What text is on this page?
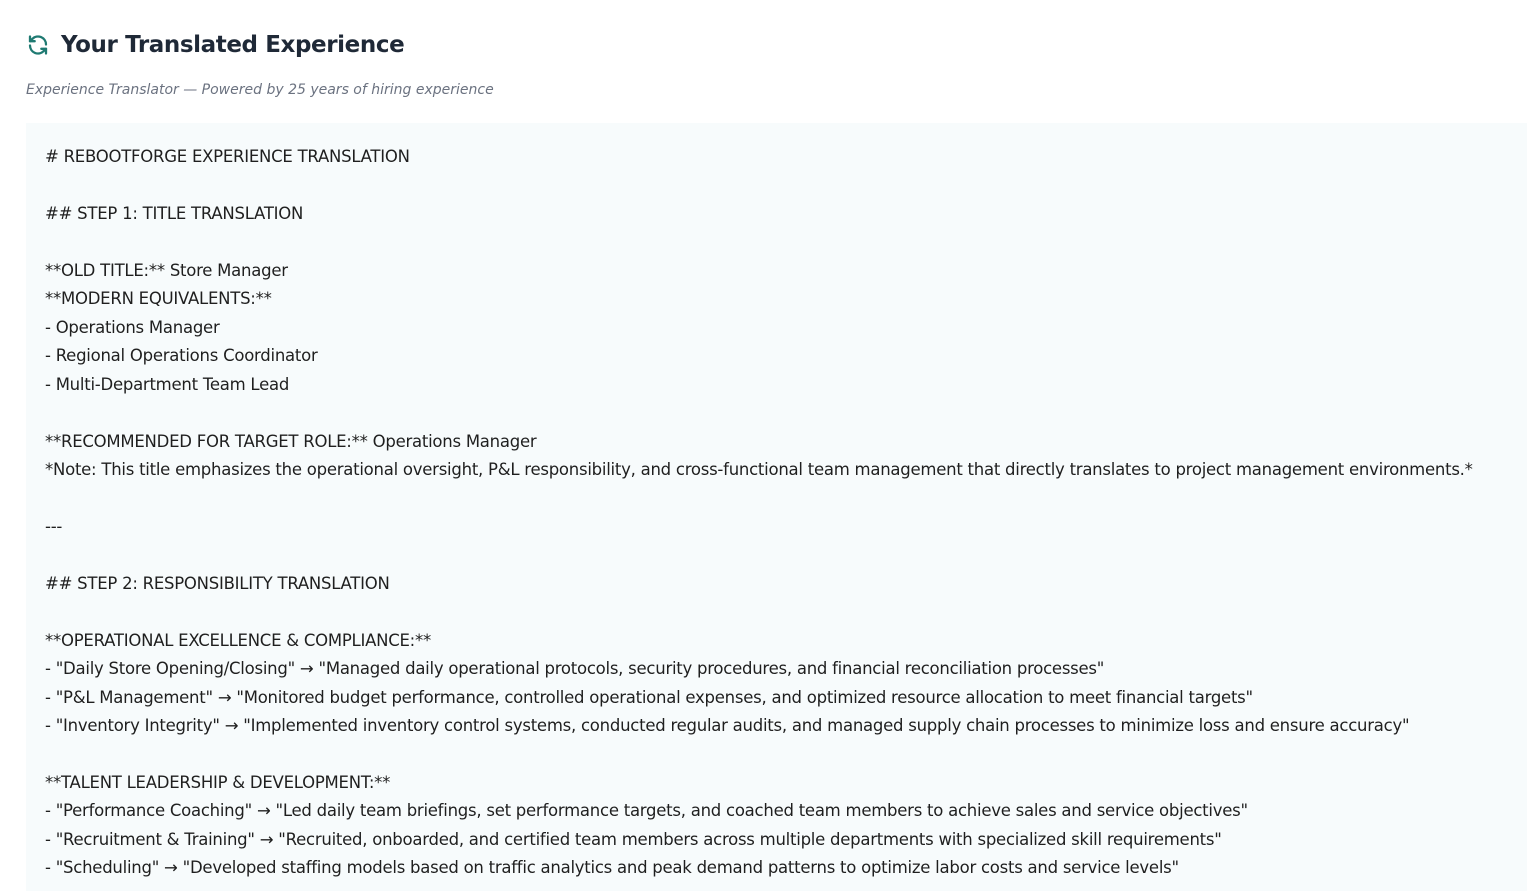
Your Translated Experience
Experience Translator — Powered by 25 years of hiring experience
# REBOOTFORGE EXPERIENCE TRANSLATION

## STEP 1: TITLE TRANSLATION

**OLD TITLE:** Store Manager
**MODERN EQUIVALENTS:**
- Operations Manager
- Regional Operations Coordinator
- Multi-Department Team Lead

**RECOMMENDED FOR TARGET ROLE:** Operations Manager
*Note: This title emphasizes the operational oversight, P&L responsibility, and cross-functional team management that directly translates to project management environments.*

---

## STEP 2: RESPONSIBILITY TRANSLATION

**OPERATIONAL EXCELLENCE & COMPLIANCE:**
- "Daily Store Opening/Closing" → "Managed daily operational protocols, security procedures, and financial reconciliation processes"
- "P&L Management" → "Monitored budget performance, controlled operational expenses, and optimized resource allocation to meet financial targets"
- "Inventory Integrity" → "Implemented inventory control systems, conducted regular audits, and managed supply chain processes to minimize loss and ensure accuracy"

**TALENT LEADERSHIP & DEVELOPMENT:**
- "Performance Coaching" → "Led daily team briefings, set performance targets, and coached team members to achieve sales and service objectives"
- "Recruitment & Training" → "Recruited, onboarded, and certified team members across multiple departments with specialized skill requirements"
- "Scheduling" → "Developed staffing models based on traffic analytics and peak demand patterns to optimize labor costs and service levels"
